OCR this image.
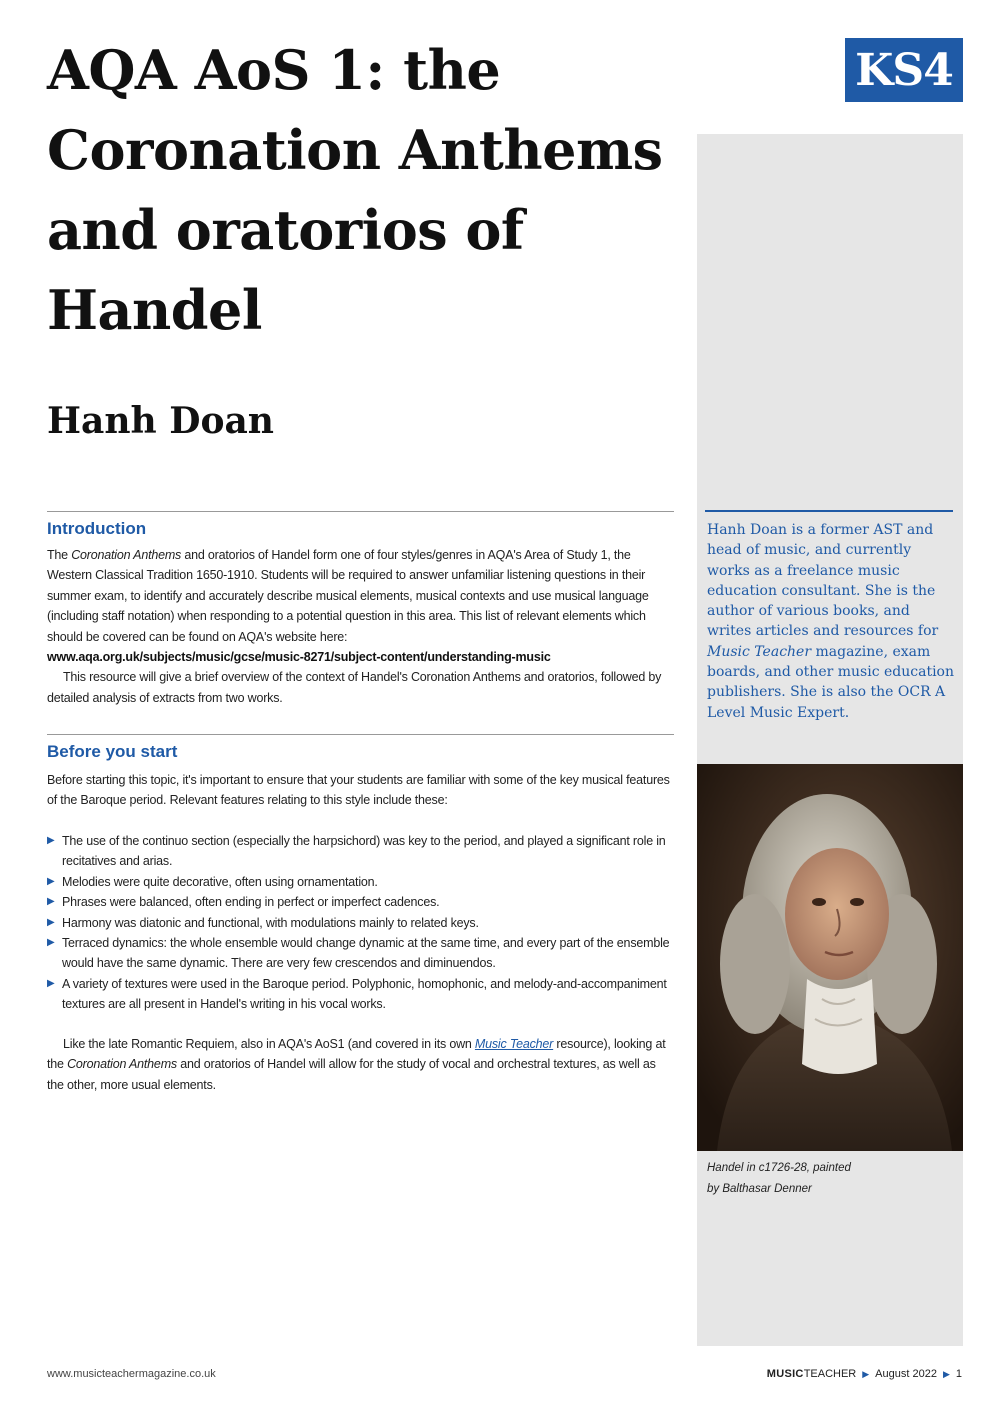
AQA AoS 1: the Coronation Anthems and oratorios of Handel
Hanh Doan
KS4
Hanh Doan is a former AST and head of music, and currently works as a freelance music education consultant. She is the author of various books, and writes articles and resources for Music Teacher magazine, exam boards, and other music education publishers. She is also the OCR A Level Music Expert.
Handel in c1726-28, painted
by Balthasar Denner
Introduction

The Coronation Anthems and oratorios of Handel form one of four styles/genres in AQA's Area of Study 1, the Western Classical Tradition 1650-1910. Students will be required to answer unfamiliar listening questions in their summer exam, to identify and accurately describe musical elements, musical contexts and use musical language (including staff notation) when responding to a potential question in this area. This list of relevant elements which should be covered can be found on AQA's website here:

www.aqa.org.uk/subjects/music/gcse/music-8271/subject-content/understanding-music

This resource will give a brief overview of the context of Handel's Coronation Anthems and oratorios, followed by detailed analysis of extracts from two works.

Before you start
Before starting this topic, it's important to ensure that your students are familiar with some of the key musical features of the Baroque period. Relevant features relating to this style include these:
▶ The use of the continuo section (especially the harpsichord) was key to the period, and played a significant role in recitatives and arias.
▶ Melodies were quite decorative, often using ornamentation.
▶ Phrases were balanced, often ending in perfect or imperfect cadences.
▶ Harmony was diatonic and functional, with modulations mainly to related keys.
▶ Terraced dynamics: the whole ensemble would change dynamic at the same time, and every part of the ensemble would have the same dynamic. There are very few crescendos and diminuendos.
▶ A variety of textures were used in the Baroque period. Polyphonic, homophonic, and melody-and-accompaniment textures are all present in Handel's writing in his vocal works.
Like the late Romantic Requiem, also in AQA's AoS1 (and covered in its own Music Teacher resource), looking at the Coronation Anthems and oratorios of Handel will allow for the study of vocal and orchestral textures, as well as the other, more usual elements.
www.musicteachermagazine.co.uk	MUSICTEACHER ▶ August 2022 ▶ 1
